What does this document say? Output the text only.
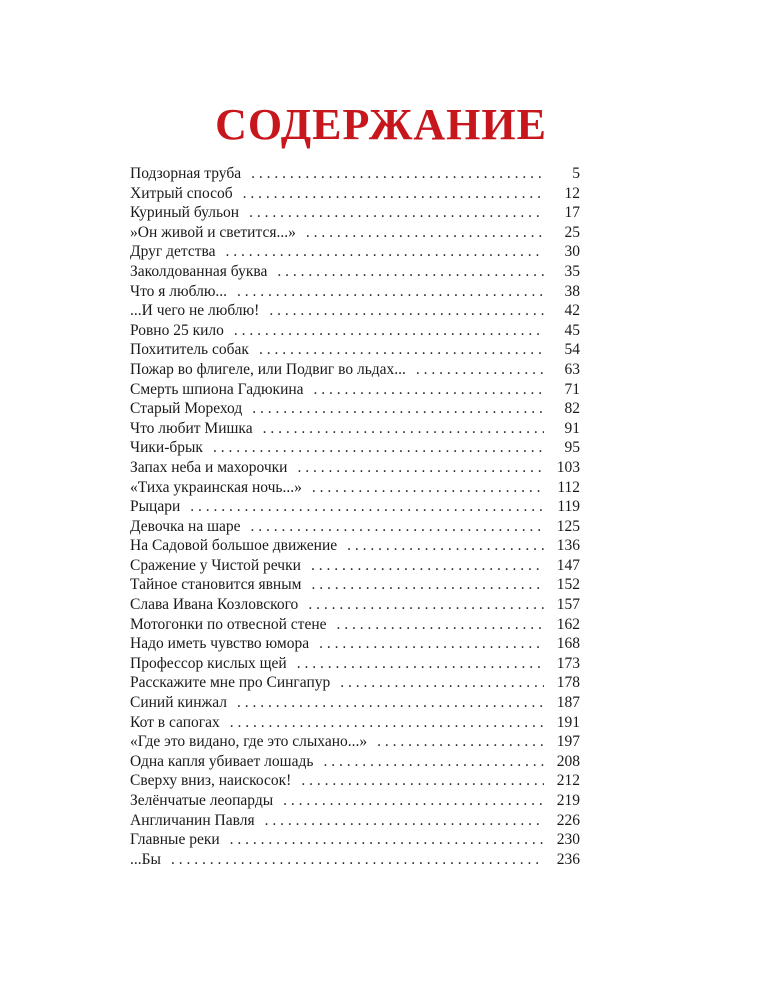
СОДЕРЖАНИЕ
Подзорная труба . . .	5
Хитрый способ . . .	12
Куриный бульон . . .	17
»Он живой и светится...» . . .	25
Друг детства . . .	30
Заколдованная буква . . .	35
Что я люблю... . . .	38
...И чего не люблю! . . .	42
Ровно 25 кило . . .	45
Похититель собак . . .	54
Пожар во флигеле, или Подвиг во льдах... . . .	63
Смерть шпиона Гадюкина . . .	71
Старый Мореход . . .	82
Что любит Мишка . . .	91
Чики-брык . . .	95
Запах неба и махорочки . . .	103
«Тиха украинская ночь...» . . .	112
Рыцари . . .	119
Девочка на шаре . . .	125
На Садовой большое движение . . .	136
Сражение у Чистой речки . . .	147
Тайное становится явным . . .	152
Слава Ивана Козловского . . .	157
Мотогонки по отвесной стене . . .	162
Надо иметь чувство юмора . . .	168
Профессор кислых щей . . .	173
Расскажите мне про Сингапур . . .	178
Синий кинжал . . .	187
Кот в сапогах . . .	191
«Где это видано, где это слыхано...» . . .	197
Одна капля убивает лошадь . . .	208
Сверху вниз, наискосок! . . .	212
Зелёнчатые леопарды . . .	219
Англичанин Павля . . .	226
Главные реки . . .	230
...Бы . . .	236
